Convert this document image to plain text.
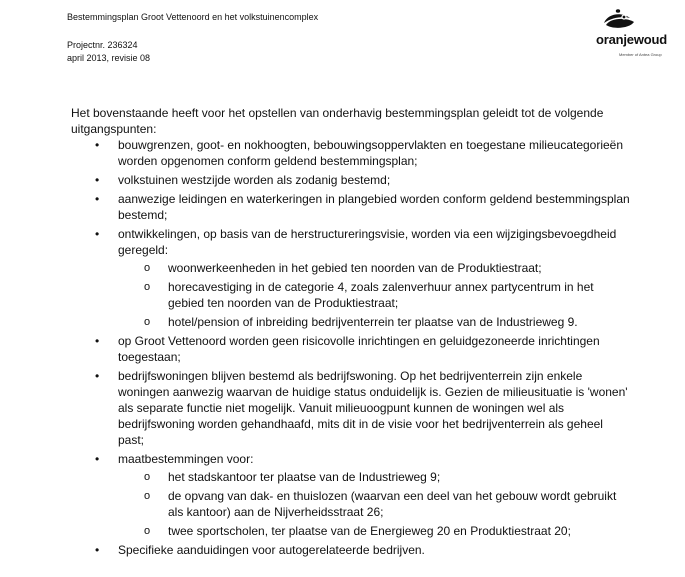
Bestemmingsplan Groot Vettenoord en het volkstuinencomplex
Projectnr. 236324
april 2013, revisie 08
oranjewoud
Member of Antea Group

Het bovenstaande heeft voor het opstellen van onderhavig bestemmingsplan geleidt tot de volgende uitgangspunten:

• bouwgrenzen, goot- en nokhoogten, bebouwingsoppervlakten en toegestane milieucategorieën worden opgenomen conform geldend bestemmingsplan;
• volkstuinen westzijde worden als zodanig bestemd;
• aanwezige leidingen en waterkeringen in plangebied worden conform geldend bestemmingsplan bestemd;
• ontwikkelingen, op basis van de herstructureringsvisie, worden via een wijzigingsbevoegdheid geregeld:
o woonwerkeenheden in het gebied ten noorden van de Produktiestraat;
o horecavestiging in de categorie 4, zoals zalenverhuur annex partycentrum in het gebied ten noorden van de Produktiestraat;
o hotel/pension of inbreiding bedrijventerrein ter plaatse van de Industrieweg 9.
• op Groot Vettenoord worden geen risicovolle inrichtingen en geluidgezoneerde inrichtingen toegestaan;
• bedrijfswoningen blijven bestemd als bedrijfswoning. Op het bedrijventerrein zijn enkele woningen aanwezig waarvan de huidige status onduidelijk is. Gezien de milieusituatie is 'wonen' als separate functie niet mogelijk. Vanuit milieuoogpunt kunnen de woningen wel als bedrijfswoning worden gehandhaafd, mits dit in de visie voor het bedrijventerrein als geheel past;
• maatbestemmingen voor:
o het stadskantoor ter plaatse van de Industrieweg 9;
o de opvang van dak- en thuislozen (waarvan een deel van het gebouw wordt gebruikt als kantoor) aan de Nijverheidsstraat 26;
o twee sportscholen, ter plaatse van de Energieweg 20 en Produktiestraat 20;
• Specifieke aanduidingen voor autogerelateerde bedrijven.
